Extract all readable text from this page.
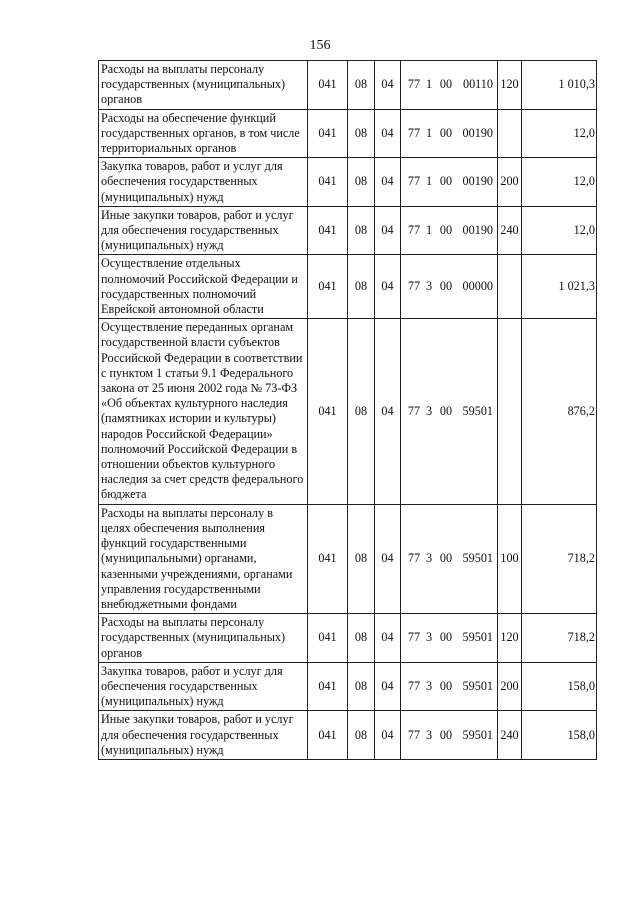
156
Расходы на выплаты персоналу государственных (муниципальных) органов	041	08	04	77 1 00 00110	120	1 010,3
Расходы на обеспечение функций государственных органов, в том числе территориальных органов	041	08	04	77 1 00 00190		12,0
Закупка товаров, работ и услуг для обеспечения государственных (муниципальных) нужд	041	08	04	77 1 00 00190	200	12,0
Иные закупки товаров, работ и услуг для обеспечения государственных (муниципальных) нужд	041	08	04	77 1 00 00190	240	12,0
Осуществление отдельных полномочий Российской Федерации и государственных полномочий Еврейской автономной области	041	08	04	77 3 00 00000		1 021,3
Осуществление переданных органам государственной власти субъектов Российской Федерации в соответствии с пунктом 1 статьи 9.1 Федерального закона от 25 июня 2002 года № 73-ФЗ «Об объектах культурного наследия (памятниках истории и культуры) народов Российской Федерации» полномочий Российской Федерации в отношении объектов культурного наследия за счет средств федерального бюджета	041	08	04	77 3 00 59501		876,2
Расходы на выплаты персоналу в целях обеспечения выполнения функций государственными (муниципальными) органами, казенными учреждениями, органами управления государственными внебюджетными фондами	041	08	04	77 3 00 59501	100	718,2
Расходы на выплаты персоналу государственных (муниципальных) органов	041	08	04	77 3 00 59501	120	718,2
Закупка товаров, работ и услуг для обеспечения государственных (муниципальных) нужд	041	08	04	77 3 00 59501	200	158,0
Иные закупки товаров, работ и услуг для обеспечения государственных (муниципальных) нужд	041	08	04	77 3 00 59501	240	158,0
